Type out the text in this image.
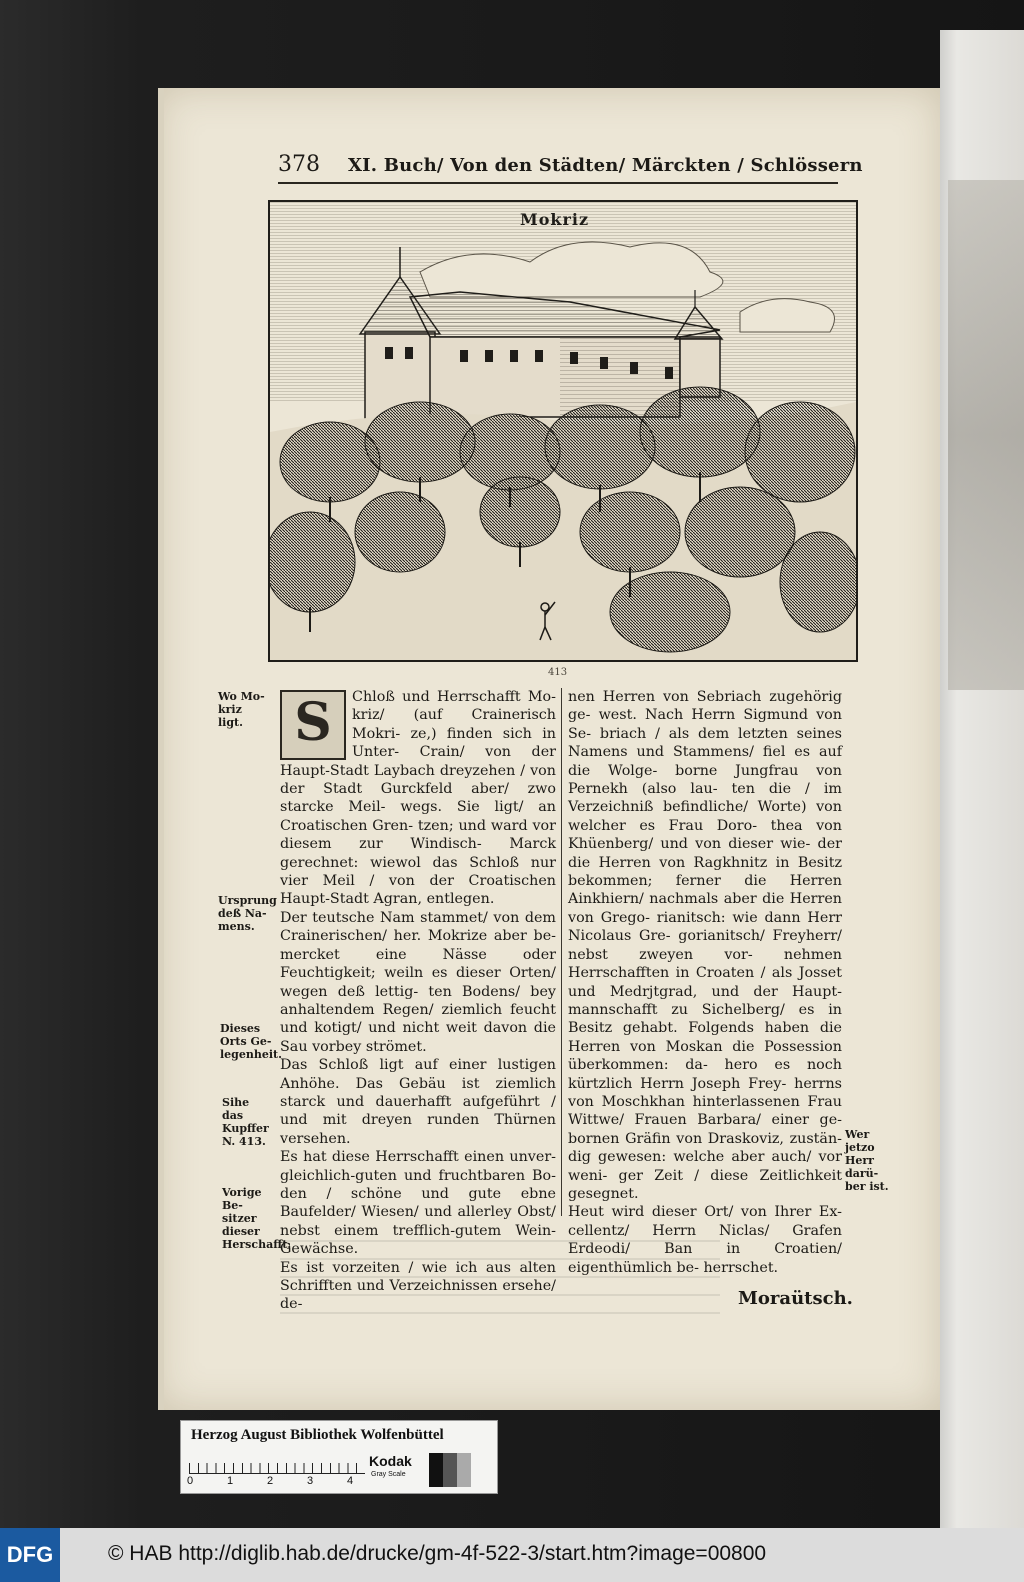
378 XI. Buch/ Von den Städten/ Märckten / Schlössern
Mokriz
413
Wo Mo- kriz ligt.
Ursprung deß Na- mens.
Dieses Orts Ge- legenheit.
Sihe das Kupffer N. 413.
Vorige Be- sitzer dieser Herschafft.
Wer jetzo Herr darü- ber ist.
S	Chloß und Herrschafft Mo- kriz/ (auf Crainerisch Mokri- ze,) finden sich in Unter- Crain/ von der Haupt-Stadt Laybach dreyzehen / von der Stadt Gurckfeld aber/ zwo starcke Meil- wegs. Sie ligt/ an Croatischen Gren- tzen; und ward vor diesem zur Windisch- Marck gerechnet: wiewol das Schloß nur vier Meil / von der Croatischen Haupt-Stadt Agran, entlegen.

Der teutsche Nam stammet/ von dem Crainerischen/ her. Mokrize aber be- mercket eine Nässe oder Feuchtigkeit; weiln es dieser Orten/ wegen deß lettig- ten Bodens/ bey anhaltendem Regen/ ziemlich feucht und kotigt/ und nicht weit davon die Sau vorbey strömet.

Das Schloß ligt auf einer lustigen Anhöhe. Das Gebäu ist ziemlich starck und dauerhafft aufgeführt / und mit dreyen runden Thürnen versehen.

Es hat diese Herrschafft einen unver- gleichlich-guten und fruchtbaren Bo- den / schöne und gute ebne Baufelder/ Wiesen/ und allerley Obst/ nebst einem trefflich-gutem Wein-Gewächse.

Es ist vorzeiten / wie ich aus alten Schrifften und Verzeichnissen ersehe/ de-

nen Herren von Sebriach zugehörig ge- west. Nach Herrn Sigmund von Se- briach / als dem letzten seines Namens und Stammens/ fiel es auf die Wolge- borne Jungfrau von Pernekh (also lau- ten die / im Verzeichniß befindliche/ Worte) von welcher es Frau Doro- thea von Khüenberg/ und von dieser wie- der die Herren von Ragkhnitz in Besitz bekommen; ferner die Herren Ainkhiern/ nachmals aber die Herren von Grego- rianitsch: wie dann Herr Nicolaus Gre- gorianitsch/ Freyherr/ nebst zweyen vor- nehmen Herrschafften in Croaten / als Josset und Medrjtgrad, und der Haupt- mannschafft zu Sichelberg/ es in Besitz gehabt. Folgends haben die Herren von Moskan die Possession überkommen: da- hero es noch kürtzlich Herrn Joseph Frey- herrns von Moschkhan hinterlassenen Frau Wittwe/ Frauen Barbara/ einer ge- bornen Gräfin von Draskoviz, zustän- dig gewesen: welche aber auch/ vor weni- ger Zeit / diese Zeitlichkeit gesegnet.

Heut wird dieser Ort/ von Ihrer Ex- cellentz/ Herrn Niclas/ Grafen Erdeodi/ Ban in Croatien/ eigenthümlich be- herrschet.

Moraütsch.
Herzog August Bibliothek Wolfenbüttel
0	1	2	3	4
Kodak
Gray Scale
DFG	© HAB http://diglib.hab.de/drucke/gm-4f-522-3/start.htm?image=00800
